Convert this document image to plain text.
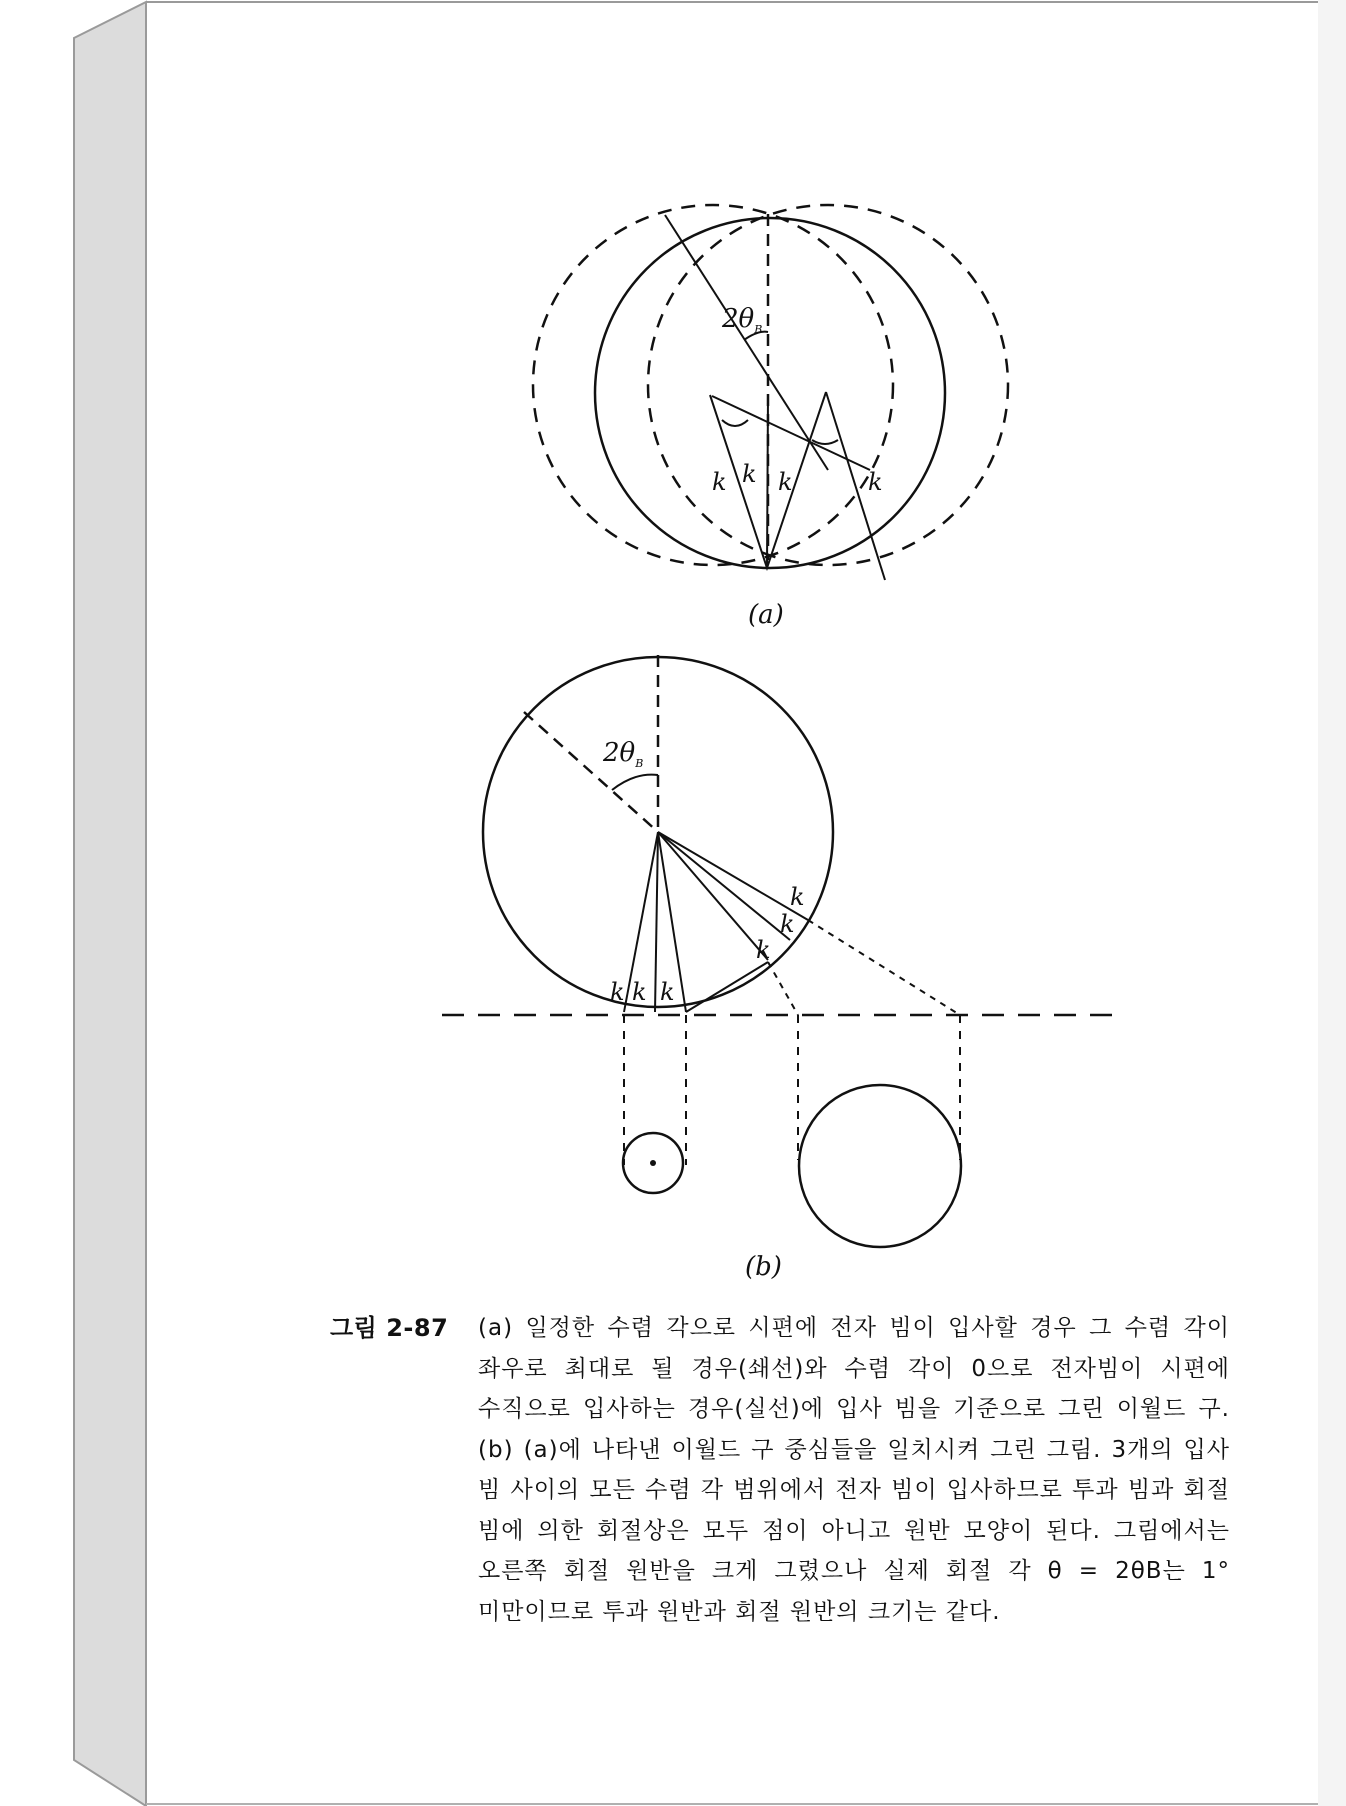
$2\theta_B$
$2\theta_B$
k k k	k
k k k
k
k
k
(a)
(b)
그림 2-87 (a) 일정한 수렴 각으로 시편에 전자 빔이 입사할 경우 그 수렴 각이 좌우로 최대로 될 경우(쇄선)와 수렴 각이 0으로 전자빔이 시편에 수직으로 입사하는 경우(실선)에 입사 빔을 기준으로 그린 이월드 구. (b) (a)에 나타낸 이월드 구 중심들을 일치시켜 그린 그림. 3개의 입사 빔 사이의 모든 수렴 각 범위에서 전자 빔이 입사하므로 투과 빔과 회절 빔에 의한 회절상은 모두 점이 아니고 원반 모양이 된다. 그림에서는 오른쪽 회절 원반을 크게 그렸으나 실제 회절 각 θ = 2θB는 1° 미만이므로 투과 원반과 회절 원반의 크기는 같다.
